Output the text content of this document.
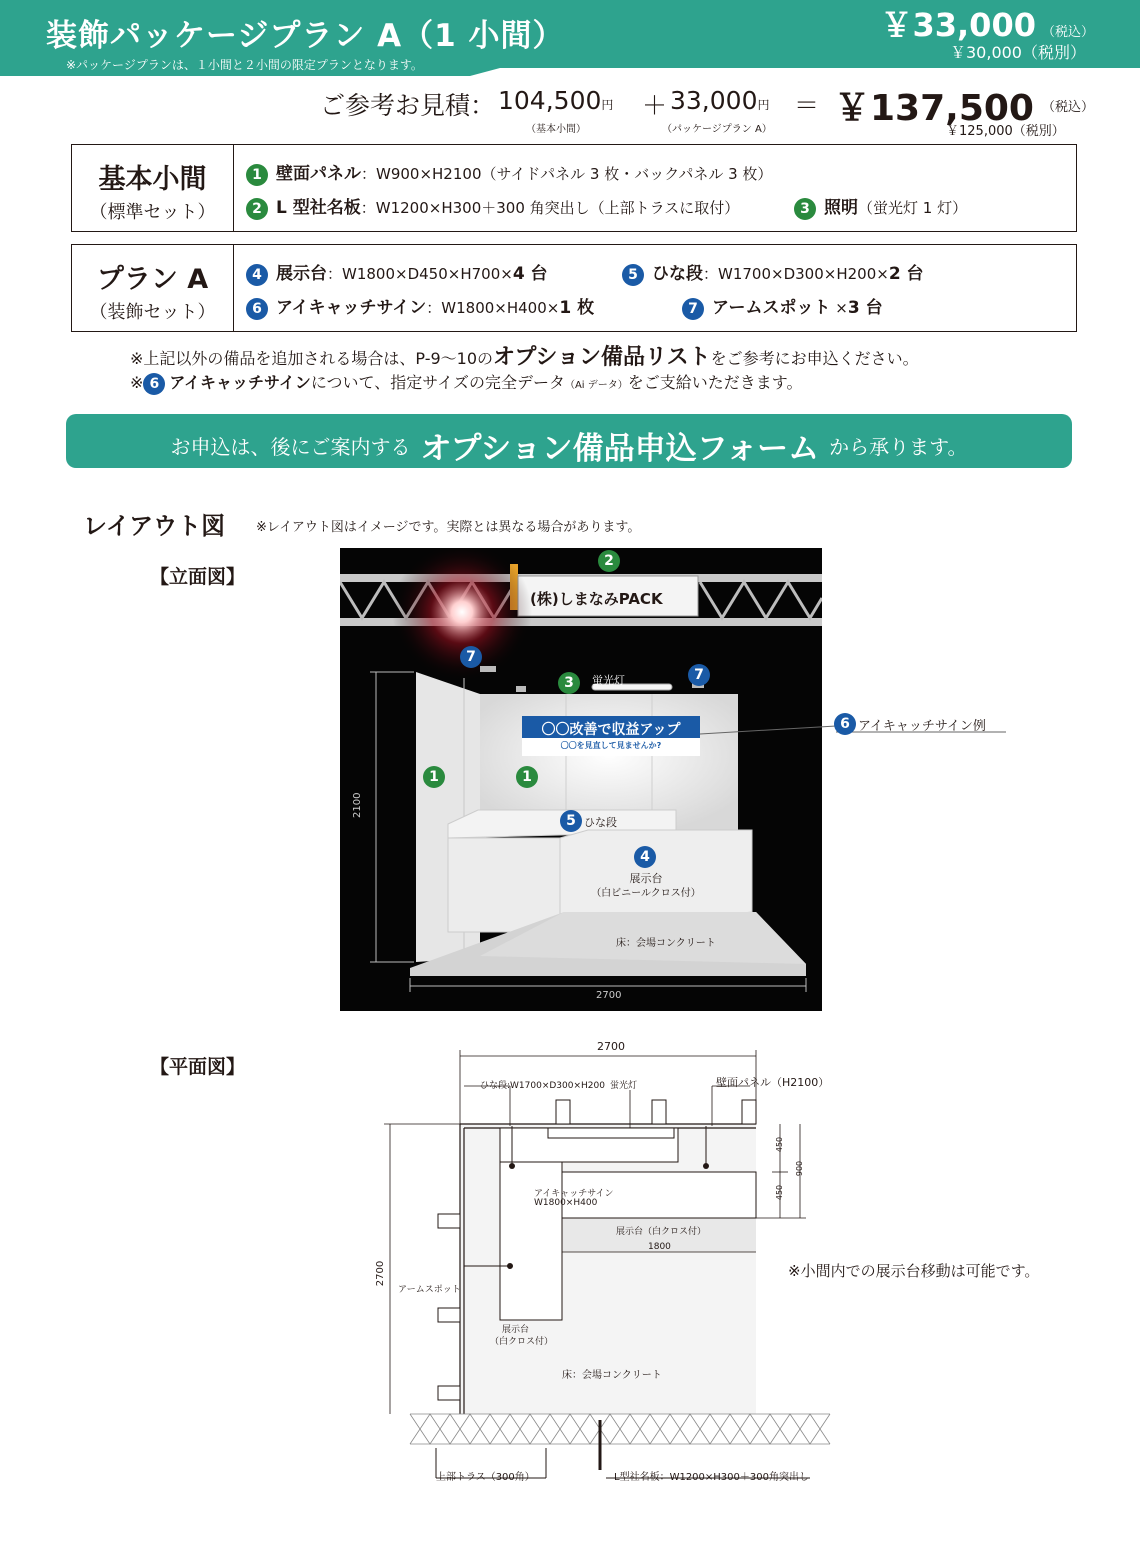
装飾パッケージプラン A（1 小間）
※パッケージプランは、１小間と２小間の限定プランとなります。
￥33,000 （税込）
￥30,000（税別）
ご参考お見積： 104,500円
（基本小間）
＋ 33,000円
（パッケージプラン A）
＝ ￥137,500 （税込）
￥125,000（税別）
基本小間
（標準セット）
1 壁面パネル：W900×H2100（サイドパネル 3 枚・バックパネル 3 枚）
2 L 型社名板：W1200×H300＋300 角突出し（上部トラスに取付）	3 照明（蛍光灯 1 灯）
プラン A
（装飾セット）
4 展示台：W1800×D450×H700×4 台	5 ひな段：W1700×D300×H200×2 台
6 アイキャッチサイン：W1800×H400×1 枚	7 アームスポット ×3 台
※上記以外の備品を追加される場合は、P-9～10のオプション備品リストをご参考にお申込ください。
※ 6 アイキャッチサインについて、指定サイズの完全データ（Ai データ）をご支給いただきます。
お申込は、後にご案内する オプション備品申込フォーム から承ります。
レイアウト図 ※レイアウト図はイメージです。実際とは異なる場合があります。
【立面図】
【平面図】
(株)しまなみPACK
2
7
7
3	蛍光灯
〇〇改善で収益アップ
〇〇を見直して見ませんか?
1	1
5 ひな段
4
展示台
（白ビニールクロス付）
床：会場コンクリート
2100
2700
6 アイキャッチサイン例
2700
ひな段:W1700×D300×H200 蛍光灯	壁面パネル（H2100）
450
450
900
アイキャッチサイン
W1800×H400
展示台（白クロス付）
1800
アームスポット
展示台
（白クロス付）
床：会場コンクリート
2700
上部トラス（300角）	L型社名板：W1200×H300＋300角突出し
※小間内での展示台移動は可能です。
